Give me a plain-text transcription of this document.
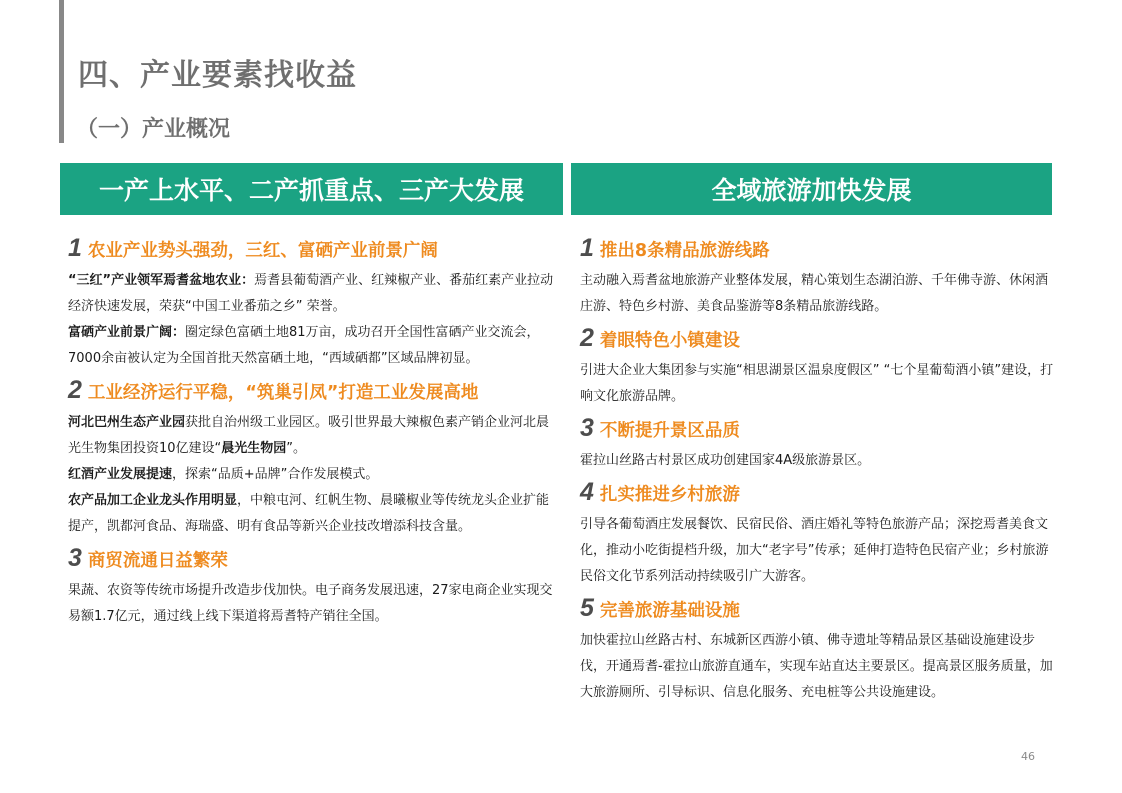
四、产业要素找收益
（一）产业概况
一产上水平、二产抓重点、三产大发展	全域旅游加快发展
1 农业产业势头强劲，三红、富硒产业前景广阔

“三红”产业领军焉耆盆地农业：焉耆县葡萄酒产业、红辣椒产业、番茄红素产业拉动经济快速发展，荣获“中国工业番茄之乡” 荣誉。

富硒产业前景广阔：圈定绿色富硒土地81万亩，成功召开全国性富硒产业交流会，7000余亩被认定为全国首批天然富硒土地，“西域硒都”区域品牌初显。

2 工业经济运行平稳，“筑巢引凤”打造工业发展高地

河北巴州生态产业园获批自治州级工业园区。吸引世界最大辣椒色素产销企业河北晨光生物集团投资10亿建设“晨光生物园”。

红酒产业发展提速，探索“品质+品牌”合作发展模式。

农产品加工企业龙头作用明显，中粮屯河、红帆生物、晨曦椒业等传统龙头企业扩能提产，凯都河食品、海瑞盛、明有食品等新兴企业技改增添科技含量。

3 商贸流通日益繁荣

果蔬、农资等传统市场提升改造步伐加快。电子商务发展迅速，27家电商企业实现交易额1.7亿元，通过线上线下渠道将焉耆特产销往全国。

1 推出8条精品旅游线路

主动融入焉耆盆地旅游产业整体发展，精心策划生态湖泊游、千年佛寺游、休闲酒庄游、特色乡村游、美食品鉴游等8条精品旅游线路。

2 着眼特色小镇建设

引进大企业大集团参与实施“相思湖景区温泉度假区” “七个星葡萄酒小镇”建设，打响文化旅游品牌。

3 不断提升景区品质

霍拉山丝路古村景区成功创建国家4A级旅游景区。

4 扎实推进乡村旅游

引导各葡萄酒庄发展餐饮、民宿民俗、酒庄婚礼等特色旅游产品；深挖焉耆美食文化，推动小吃街提档升级，加大“老字号”传承；延伸打造特色民宿产业；乡村旅游民俗文化节系列活动持续吸引广大游客。

5 完善旅游基础设施

加快霍拉山丝路古村、东城新区西游小镇、佛寺遗址等精品景区基础设施建设步伐，开通焉耆-霍拉山旅游直通车，实现车站直达主要景区。提高景区服务质量，加大旅游厕所、引导标识、信息化服务、充电桩等公共设施建设。

46
